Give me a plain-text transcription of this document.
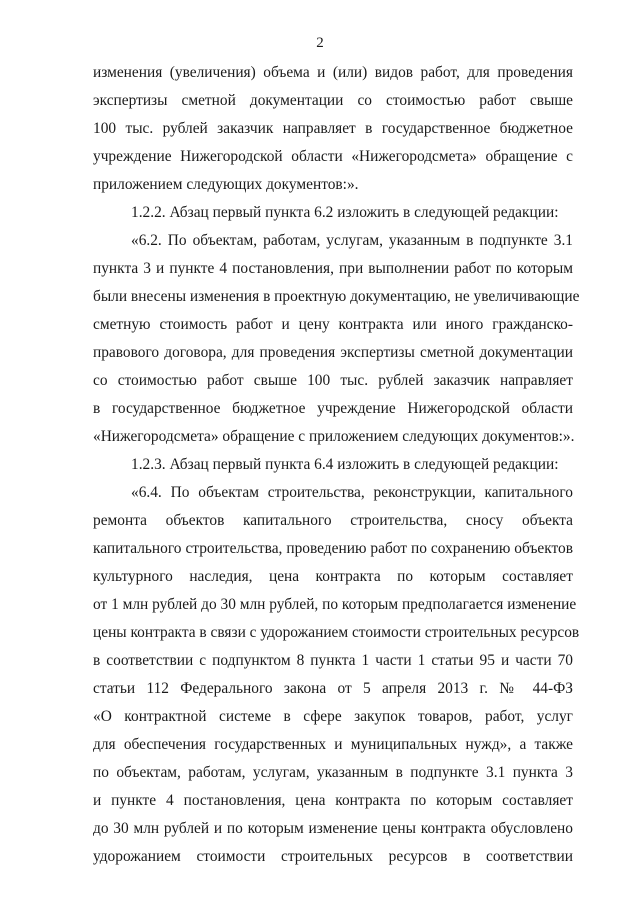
2
изменения (увеличения) объема и (или) видов работ, для проведения
экспертизы сметной документации со стоимостью работ свыше
100 тыс. рублей заказчик направляет в государственное бюджетное
учреждение Нижегородской области «Нижегородсмета» обращение с
приложением следующих документов:».
1.2.2. Абзац первый пункта 6.2 изложить в следующей редакции:
«6.2. По объектам, работам, услугам, указанным в подпункте 3.1
пункта 3 и пункте 4 постановления, при выполнении работ по которым
были внесены изменения в проектную документацию, не увеличивающие
сметную стоимость работ и цену контракта или иного гражданско-
правового договора, для проведения экспертизы сметной документации
со стоимостью работ свыше 100 тыс. рублей заказчик направляет
в государственное бюджетное учреждение Нижегородской области
«Нижегородсмета» обращение с приложением следующих документов:».
1.2.3. Абзац первый пункта 6.4 изложить в следующей редакции:
«6.4. По объектам строительства, реконструкции, капитального
ремонта объектов капитального строительства, сносу объекта
капитального строительства, проведению работ по сохранению объектов
культурного наследия, цена контракта по которым составляет
от 1 млн рублей до 30 млн рублей, по которым предполагается изменение
цены контракта в связи с удорожанием стоимости строительных ресурсов
в соответствии с подпунктом 8 пункта 1 части 1 статьи 95 и части 70
статьи 112 Федерального закона от 5 апреля 2013 г. № 44-ФЗ
«О контрактной системе в сфере закупок товаров, работ, услуг
для обеспечения государственных и муниципальных нужд», а также
по объектам, работам, услугам, указанным в подпункте 3.1 пункта 3
и пункте 4 постановления, цена контракта по которым составляет
до 30 млн рублей и по которым изменение цены контракта обусловлено
удорожанием стоимости строительных ресурсов в соответствии
